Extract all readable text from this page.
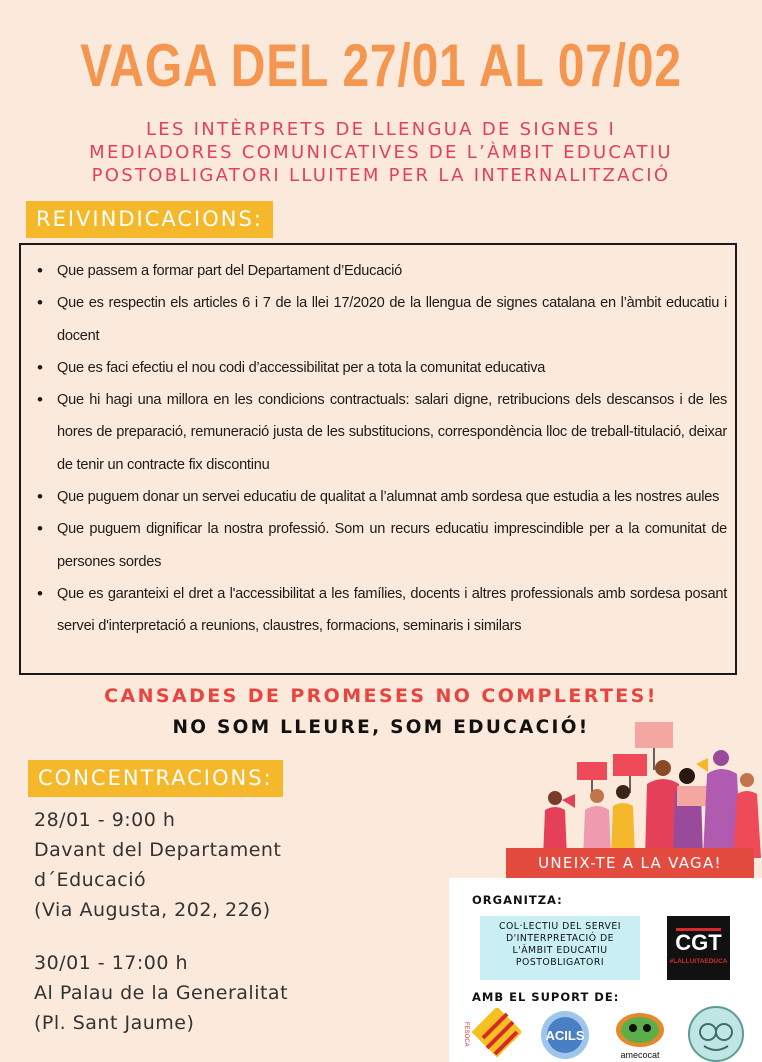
VAGA DEL 27/01 AL 07/02
LES INTÈRPRETS DE LLENGUA DE SIGNES I
MEDIADORES COMUNICATIVES DE L’ÀMBIT EDUCATIU
POSTOBLIGATORI LLUITEM PER LA INTERNALITZACIÓ
REIVINDICACIONS:
• Que passem a formar part del Departament d’Educació
• Que es respectin els articles 6 i 7 de la llei 17/2020 de la llengua de signes catalana en l’àmbit educatiu i docent
• Que es faci efectiu el nou codi d’accessibilitat per a tota la comunitat educativa
• Que hi hagi una millora en les condicions contractuals: salari digne, retribucions dels descansos i de les hores de preparació, remuneració justa de les substitucions, correspondència lloc de treball-titulació, deixar de tenir un contracte fix discontinu
• Que puguem donar un servei educatiu de qualitat a l’alumnat amb sordesa que estudia a les nostres aules
• Que puguem dignificar la nostra professió. Som un recurs educatiu imprescindible per a la comunitat de persones sordes
• Que es garanteixi el dret a l'accessibilitat a les famílies, docents i altres professionals amb sordesa posant servei d'interpretació a reunions, claustres, formacions, seminaris i similars
CANSADES DE PROMESES NO COMPLERTES!
NO SOM LLEURE, SOM EDUCACIÓ!
CONCENTRACIONS:
28/01 - 9:00 h
Davant del Departament
d´Educació
(Via Augusta, 202, 226)
30/01 - 17:00 h
Al Palau de la Generalitat
(Pl. Sant Jaume)
UNEIX-TE A LA VAGA!
ORGANITZA:
COL·LECTIU DEL SERVEI
D'INTERPRETACIÓ DE
L'ÀMBIT EDUCATIU
POSTOBLIGATORI
CGT
#LALLUITAEDUCA
AMB EL SUPORT DE:
FESOCA	ACILS
amecocat
